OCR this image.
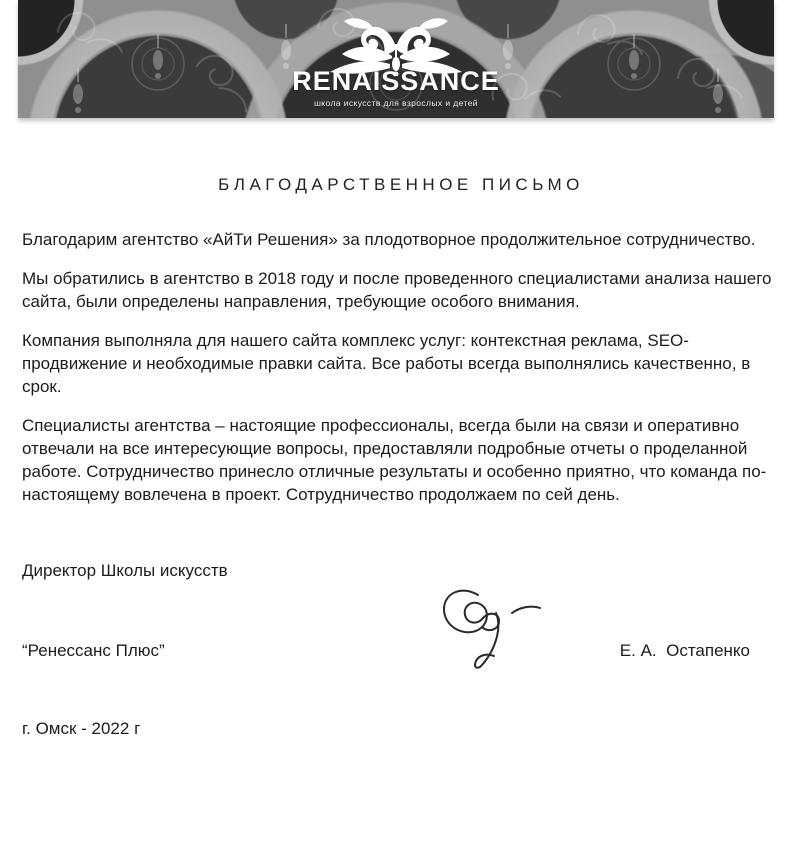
RENAISSANCE
школа искусств для взрослых и детей
БЛАГОДАРСТВЕННОЕ ПИСЬМО

Благодарим агентство «АйТи Решения» за плодотворное продолжительное сотрудничество.

Мы обратились в агентство в 2018 году и после проведенного специалистами анализа нашего сайта, были определены направления, требующие особого внимания.

Компания выполняла для нашего сайта комплекс услуг: контекстная реклама, SEO-продвижение и необходимые правки сайта. Все работы всегда выполнялись качественно, в срок.

Специалисты агентства – настоящие профессионалы, всегда были на связи и оперативно отвечали на все интересующие вопросы, предоставляли подробные отчеты о проделанной работе. Сотрудничество принесло отличные результаты и особенно приятно, что команда по-настоящему вовлечена в проект. Сотрудничество продолжаем по сей день.

Директор Школы искусств
“Ренессанс Плюс”	Е. А.  Остапенко
г. Омск - 2022 г
